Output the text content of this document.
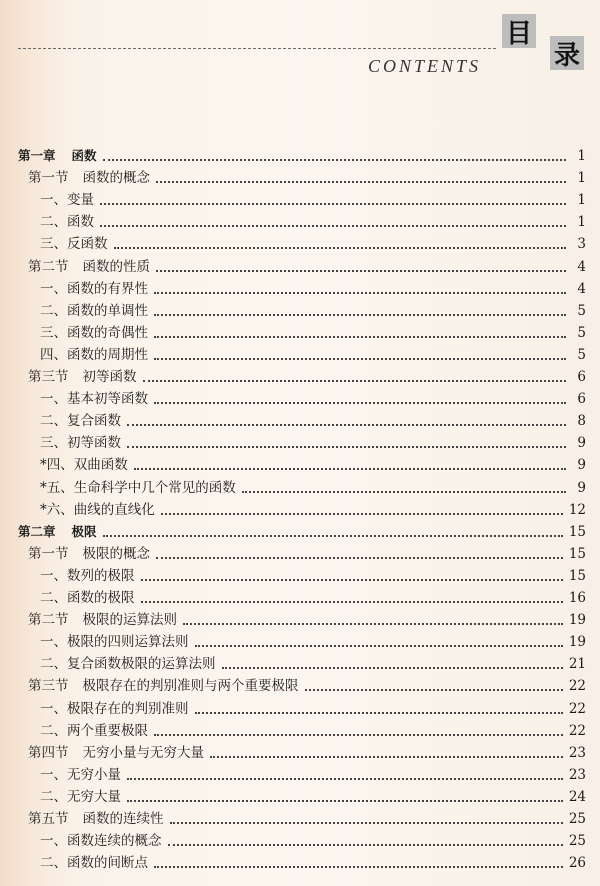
目
录
CONTENTS
第一章 函数	1
第一节 函数的概念	1
一、变量	1
二、函数	1
三、反函数	3
第二节 函数的性质	4
一、函数的有界性	4
二、函数的单调性	5
三、函数的奇偶性	5
四、函数的周期性	5
第三节 初等函数	6
一、基本初等函数	6
二、复合函数	8
三、初等函数	9
*四、双曲函数	9
*五、生命科学中几个常见的函数	9
*六、曲线的直线化	12
第二章 极限	15
第一节 极限的概念	15
一、数列的极限	15
二、函数的极限	16
第二节 极限的运算法则	19
一、极限的四则运算法则	19
二、复合函数极限的运算法则	21
第三节 极限存在的判别准则与两个重要极限	22
一、极限存在的判别准则	22
二、两个重要极限	22
第四节 无穷小量与无穷大量	23
一、无穷小量	23
二、无穷大量	24
第五节 函数的连续性	25
一、函数连续的概念	25
二、函数的间断点	26
